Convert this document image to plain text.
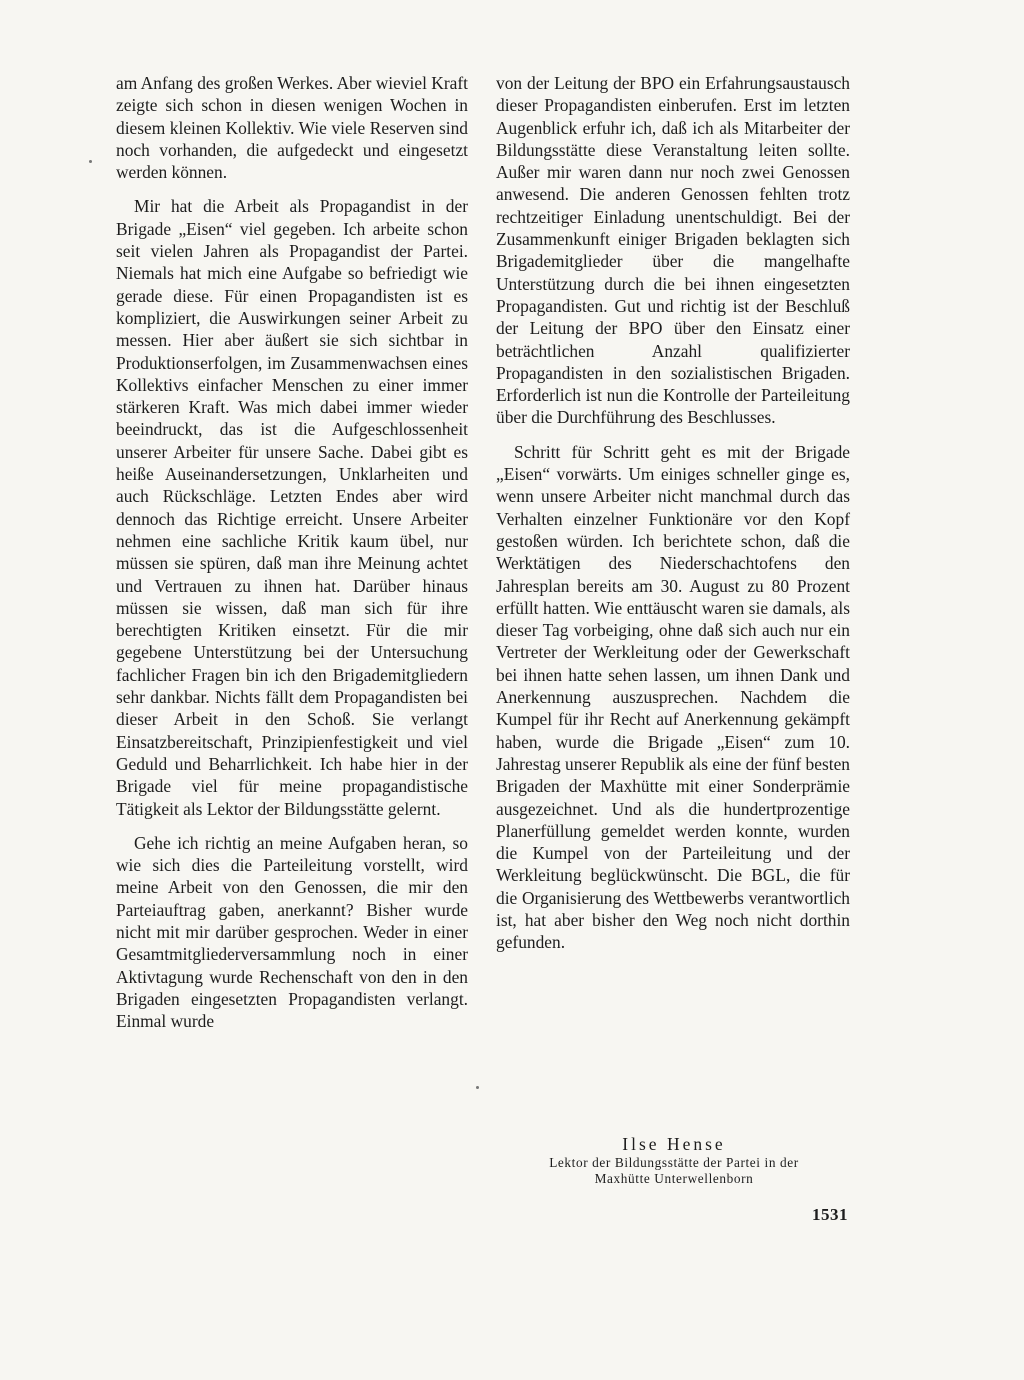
am Anfang des großen Werkes. Aber wieviel Kraft zeigte sich schon in diesen wenigen Wochen in diesem kleinen Kollektiv. Wie viele Reserven sind noch vorhanden, die aufgedeckt und eingesetzt werden können.

Mir hat die Arbeit als Propagandist in der Brigade „Eisen“ viel gegeben. Ich arbeite schon seit vielen Jahren als Propagandist der Partei. Niemals hat mich eine Aufgabe so befriedigt wie gerade diese. Für einen Propagandisten ist es kompliziert, die Auswirkungen seiner Arbeit zu messen. Hier aber äußert sie sich sichtbar in Produktionserfolgen, im Zusammenwachsen eines Kollektivs einfacher Menschen zu einer immer stärkeren Kraft. Was mich dabei immer wieder beeindruckt, das ist die Aufgeschlossenheit unserer Arbeiter für unsere Sache. Dabei gibt es heiße Auseinandersetzungen, Unklarheiten und auch Rückschläge. Letzten Endes aber wird dennoch das Richtige erreicht. Unsere Arbeiter nehmen eine sachliche Kritik kaum übel, nur müssen sie spüren, daß man ihre Meinung achtet und Vertrauen zu ihnen hat. Darüber hinaus müssen sie wissen, daß man sich für ihre berechtigten Kritiken einsetzt. Für die mir gegebene Unterstützung bei der Untersuchung fachlicher Fragen bin ich den Brigademitgliedern sehr dankbar. Nichts fällt dem Propagandisten bei dieser Arbeit in den Schoß. Sie verlangt Einsatzbereitschaft, Prinzipienfestigkeit und viel Geduld und Beharrlichkeit. Ich habe hier in der Brigade viel für meine propagandistische Tätigkeit als Lektor der Bildungsstätte gelernt.

Gehe ich richtig an meine Aufgaben heran, so wie sich dies die Parteileitung vorstellt, wird meine Arbeit von den Genossen, die mir den Parteiauftrag gaben, anerkannt? Bisher wurde nicht mit mir darüber gesprochen. Weder in einer Gesamtmitgliederversammlung noch in einer Aktivtagung wurde Rechenschaft von den in den Brigaden eingesetzten Propagandisten verlangt. Einmal wurde

von der Leitung der BPO ein Erfahrungsaustausch dieser Propagandisten einberufen. Erst im letzten Augenblick erfuhr ich, daß ich als Mitarbeiter der Bildungsstätte diese Veranstaltung leiten sollte. Außer mir waren dann nur noch zwei Genossen anwesend. Die anderen Genossen fehlten trotz rechtzeitiger Einladung unentschuldigt. Bei der Zusammenkunft einiger Brigaden beklagten sich Brigademitglieder über die mangelhafte Unterstützung durch die bei ihnen eingesetzten Propagandisten. Gut und richtig ist der Beschluß der Leitung der BPO über den Einsatz einer beträchtlichen Anzahl qualifizierter Propagandisten in den sozialistischen Brigaden. Erforderlich ist nun die Kontrolle der Parteileitung über die Durchführung des Beschlusses.

Schritt für Schritt geht es mit der Brigade „Eisen“ vorwärts. Um einiges schneller ginge es, wenn unsere Arbeiter nicht manchmal durch das Verhalten einzelner Funktionäre vor den Kopf gestoßen würden. Ich berichtete schon, daß die Werktätigen des Niederschachtofens den Jahresplan bereits am 30. August zu 80 Prozent erfüllt hatten. Wie enttäuscht waren sie damals, als dieser Tag vorbeiging, ohne daß sich auch nur ein Vertreter der Werkleitung oder der Gewerkschaft bei ihnen hatte sehen lassen, um ihnen Dank und Anerkennung auszusprechen. Nachdem die Kumpel für ihr Recht auf Anerkennung gekämpft haben, wurde die Brigade „Eisen“ zum 10. Jahrestag unserer Republik als eine der fünf besten Brigaden der Maxhütte mit einer Sonderprämie ausgezeichnet. Und als die hundertprozentige Planerfüllung gemeldet werden konnte, wurden die Kumpel von der Parteileitung und der Werkleitung beglückwünscht. Die BGL, die für die Organisierung des Wettbewerbs verantwortlich ist, hat aber bisher den Weg noch nicht dorthin gefunden.

Ilse Hense
Lektor der Bildungsstätte der Partei in der
Maxhütte Unterwellenborn
1531
